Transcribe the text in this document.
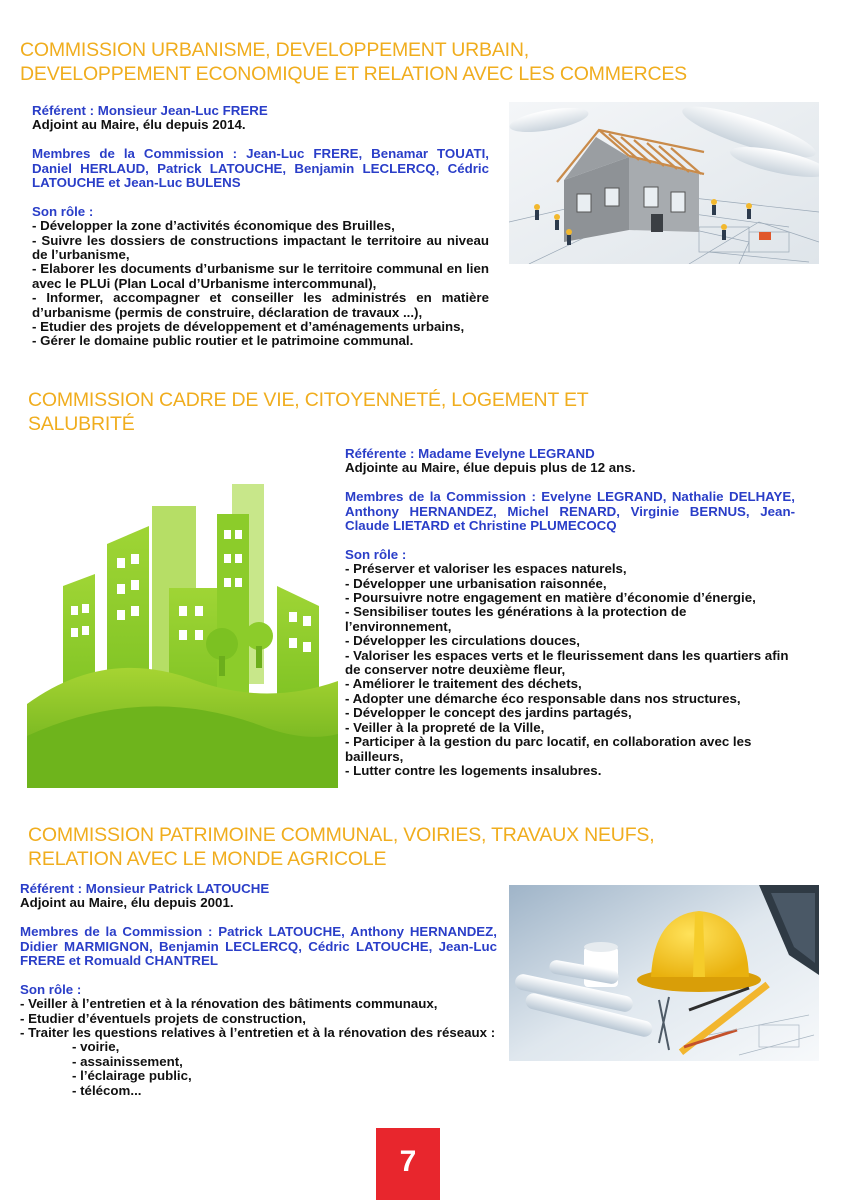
COMMISSION URBANISME, DEVELOPPEMENT URBAIN,
DEVELOPPEMENT ECONOMIQUE ET RELATION AVEC LES COMMERCES
Référent : Monsieur Jean-Luc FRERE
Adjoint au Maire, élu depuis 2014.
Membres de la Commission : Jean-Luc FRERE, Benamar TOUATI, Daniel HERLAUD, Patrick LATOUCHE, Benjamin LECLERCQ, Cédric LATOUCHE et Jean-Luc BULENS
Son rôle :
- Développer la zone d’activités économique des Bruilles,
- Suivre les dossiers de constructions impactant le territoire au niveau de l’urbanisme,
- Elaborer les documents d’urbanisme sur le territoire communal en lien avec le PLUi (Plan Local d’Urbanisme intercommunal),
- Informer, accompagner et conseiller les administrés en matière d’urbanisme (permis de construire, déclaration de travaux ...),
- Etudier des projets de développement et d’aménagements urbains,
- Gérer le domaine public routier et le patrimoine communal.
COMMISSION CADRE DE VIE, CITOYENNETÉ, LOGEMENT ET
SALUBRITÉ
Référente : Madame Evelyne LEGRAND
Adjointe au Maire, élue depuis plus de 12 ans.
Membres de la Commission : Evelyne LEGRAND, Nathalie DELHAYE, Anthony HERNANDEZ, Michel RENARD, Virginie BERNUS, Jean-Claude LIETARD et Christine PLUMECOCQ
Son rôle :
- Préserver et valoriser les espaces naturels,
- Développer une urbanisation raisonnée,
- Poursuivre notre engagement en matière d’économie d’énergie,
- Sensibiliser toutes les générations à la protection de l’environnement,
- Développer les circulations douces,
- Valoriser les espaces verts et le fleurissement dans les quartiers afin de conserver notre deuxième fleur,
- Améliorer le traitement des déchets,
- Adopter une démarche éco responsable dans nos structures,
- Développer le concept des jardins partagés,
- Veiller à la propreté de la Ville,
- Participer à la gestion du parc locatif, en collaboration avec les bailleurs,
- Lutter contre les logements insalubres.
COMMISSION PATRIMOINE COMMUNAL, VOIRIES, TRAVAUX NEUFS,
RELATION AVEC LE MONDE AGRICOLE
Référent : Monsieur Patrick LATOUCHE
Adjoint au Maire, élu depuis 2001.
Membres de la Commission : Patrick LATOUCHE, Anthony HERNANDEZ, Didier MARMIGNON, Benjamin LECLERCQ, Cédric LATOUCHE, Jean-Luc FRERE et Romuald CHANTREL
Son rôle :
- Veiller à l’entretien et à la rénovation des bâtiments communaux,
- Etudier d’éventuels projets de construction,
- Traiter les questions relatives à l’entretien et à la rénovation des réseaux :
- voirie,
- assainissement,
- l’éclairage public,
- télécom...
7
